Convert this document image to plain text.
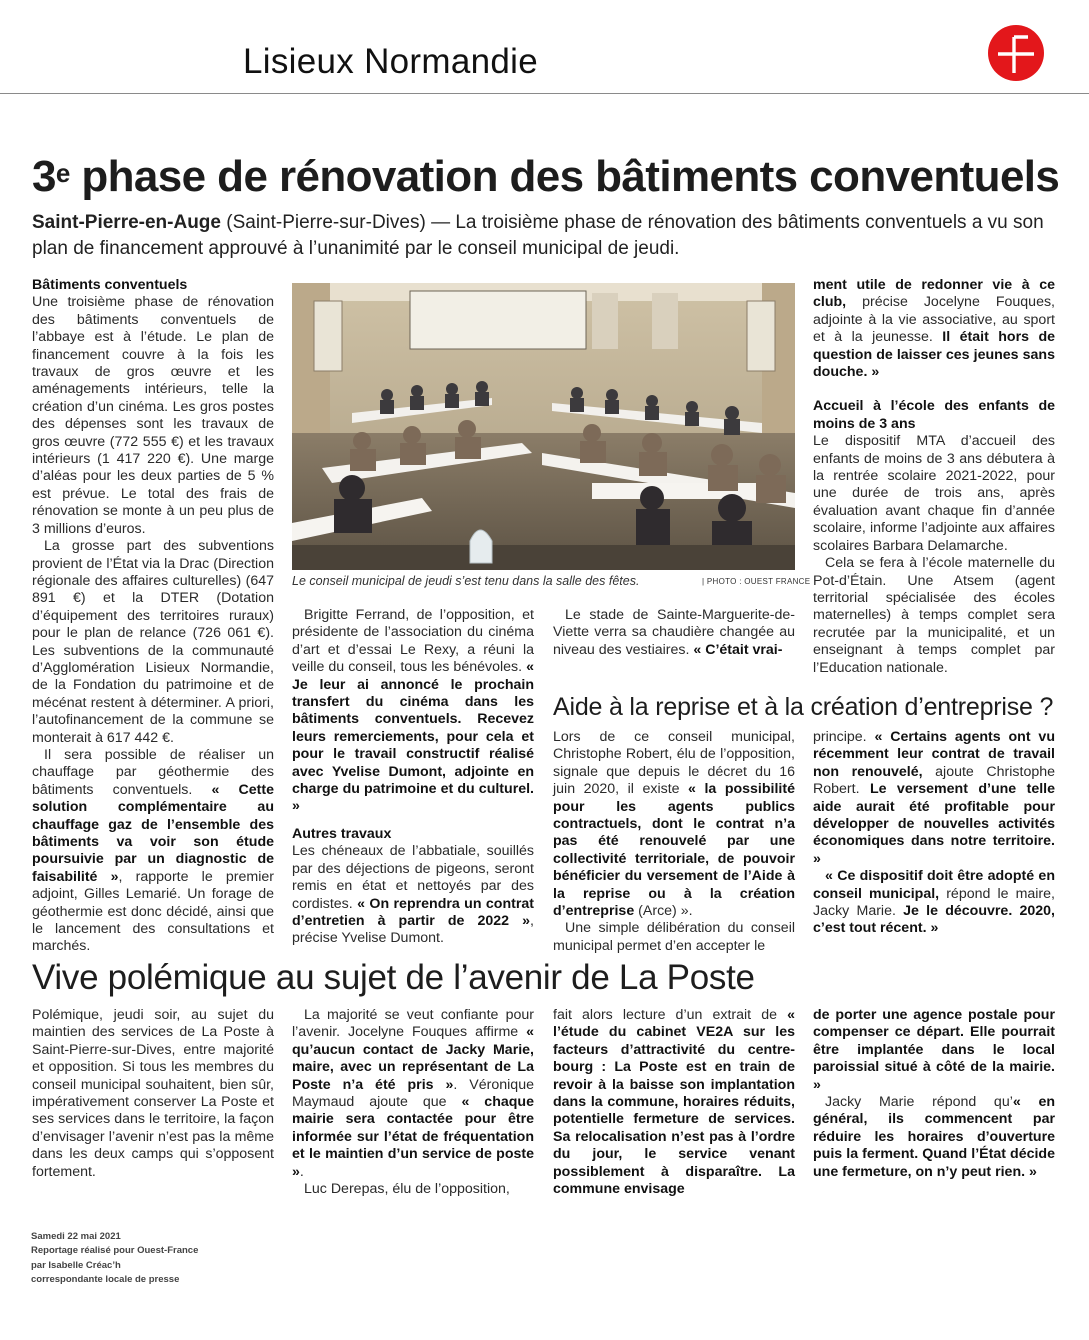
Lisieux Normandie
3e phase de rénovation des bâtiments conventuels
Saint-Pierre-en-Auge (Saint-Pierre-sur-Dives) — La troisième phase de rénovation des bâtiments conventuels a vu son plan de financement approuvé à l’unanimité par le conseil municipal de jeudi.

Bâtiments conventuels

Une troisième phase de rénovation des bâtiments conventuels de l’abbaye est à l’étude. Le plan de financement couvre à la fois les travaux de gros œuvre et les aménagements intérieurs, telle la création d’un cinéma. Les gros postes des dépenses sont les travaux de gros œuvre (772 555 €) et les travaux intérieurs (1 417 220 €). Une marge d’aléas pour les deux parties de 5 % est prévue. Le total des frais de rénovation se monte à un peu plus de 3 millions d’euros.

La grosse part des subventions provient de l’État via la Drac (Direction régionale des affaires culturelles) (647 891 €) et la DTER (Dotation d’équipement des territoires ruraux) pour le plan de relance (726 061 €). Les subventions de la communauté d’Agglomération Lisieux Normandie, de la Fondation du patrimoine et de mécénat restent à déterminer. A priori, l’autofinancement de la commune se monterait à 617 442 €.

Il sera possible de réaliser un chauffage par géothermie des bâtiments conventuels. « Cette solution complémentaire au chauffage gaz de l’ensemble des bâtiments va voir son étude poursuivie par un diagnostic de faisabilité », rapporte le premier adjoint, Gilles Lemarié. Un forage de géothermie est donc décidé, ainsi que le lancement des consultations et marchés.

Le conseil municipal de jeudi s’est tenu dans la salle des fêtes.	| PHOTO : OUEST FRANCE

Brigitte Ferrand, de l’opposition, et présidente de l’association du cinéma d’art et d’essai Le Rexy, a réuni la veille du conseil, tous les bénévoles. « Je leur ai annoncé le prochain transfert du cinéma dans les bâtiments conventuels. Recevez leurs remerciements, pour cela et pour le travail constructif réalisé avec Yvelise Dumont, adjointe en charge du patrimoine et du culturel. »

Autres travaux

Les chéneaux de l’abbatiale, souillés par des déjections de pigeons, seront remis en état et nettoyés par des cordistes. « On reprendra un contrat d’entretien à partir de 2022 », précise Yvelise Dumont.

Le stade de Sainte-Marguerite-de-Viette verra sa chaudière changée au niveau des vestiaires. « C’était vrai-

ment utile de redonner vie à ce club, précise Jocelyne Fouques, adjointe à la vie associative, au sport et à la jeunesse. Il était hors de question de laisser ces jeunes sans douche. »

Accueil à l’école des enfants de moins de 3 ans

Le dispositif MTA d’accueil des enfants de moins de 3 ans débutera à la rentrée scolaire 2021-2022, pour une durée de trois ans, après évaluation avant chaque fin d’année scolaire, informe l’adjointe aux affaires scolaires Barbara Delamarche.

Cela se fera à l’école maternelle du Pot-d’Étain. Une Atsem (agent territorial spécialisée des écoles maternelles) à temps complet sera recrutée par la municipalité, et un enseignant à temps complet par l’Education nationale.

Aide à la reprise et à la création d’entreprise ?

Lors de ce conseil municipal, Christophe Robert, élu de l’opposition, signale que depuis le décret du 16 juin 2020, il existe « la possibilité pour les agents publics contractuels, dont le contrat n’a pas été renouvelé par une collectivité territoriale, de pouvoir bénéficier du versement de l’Aide à la reprise ou à la création d’entreprise (Arce) ».

Une simple délibération du conseil municipal permet d’en accepter le

principe. « Certains agents ont vu récemment leur contrat de travail non renouvelé, ajoute Christophe Robert. Le versement d’une telle aide aurait été profitable pour développer de nouvelles activités économiques dans notre territoire. »

« Ce dispositif doit être adopté en conseil municipal, répond le maire, Jacky Marie. Je le découvre. 2020, c’est tout récent. »

Vive polémique au sujet de l’avenir de La Poste

Polémique, jeudi soir, au sujet du maintien des services de La Poste à Saint-Pierre-sur-Dives, entre majorité et opposition. Si tous les membres du conseil municipal souhaitent, bien sûr, impérativement conserver La Poste et ses services dans le territoire, la façon d’envisager l’avenir n’est pas la même dans les deux camps qui s’opposent fortement.

La majorité se veut confiante pour l’avenir. Jocelyne Fouques affirme « qu’aucun contact de Jacky Marie, maire, avec un représentant de La Poste n’a été pris ». Véronique Maymaud ajoute que « chaque mairie sera contactée pour être informée sur l’état de fréquentation et le maintien d’un service de poste ».

Luc Derepas, élu de l’opposition,

fait alors lecture d’un extrait de « l’étude du cabinet VE2A sur les facteurs d’attractivité du centre-bourg : La Poste est en train de revoir à la baisse son implantation dans la commune, horaires réduits, potentielle fermeture de services. Sa relocalisation n’est pas à l’ordre du jour, le service venant possiblement à disparaître. La commune envisage

de porter une agence postale pour compenser ce départ. Elle pourrait être implantée dans le local paroissial situé à côté de la mairie. »

Jacky Marie répond qu’« en général, ils commencent par réduire les horaires d’ouverture puis la ferment. Quand l’État décide une fermeture, on n’y peut rien. »

Samedi 22 mai 2021
Reportage réalisé pour Ouest-France
par Isabelle Créac’h
correspondante locale de presse
